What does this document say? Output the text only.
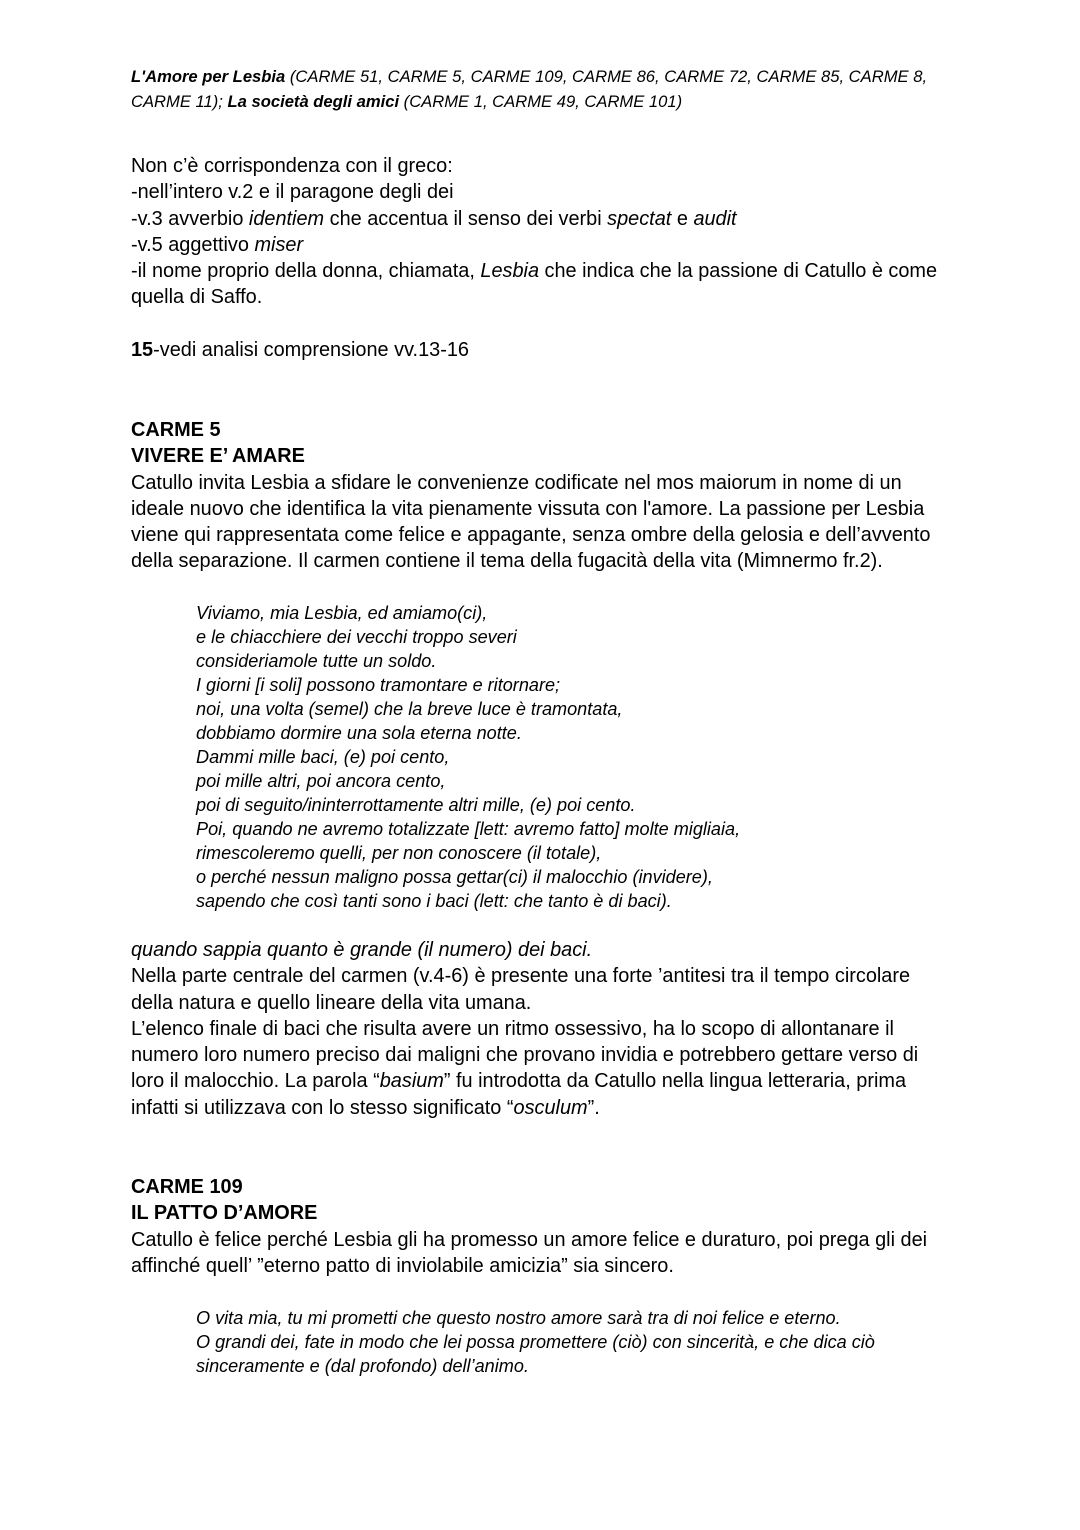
L'Amore per Lesbia (CARME 51, CARME 5, CARME 109, CARME 86, CARME 72, CARME 85, CARME 8,
CARME 11); La società degli amici (CARME 1, CARME 49, CARME 101)
Non c’è corrispondenza con il greco:
-nell’intero v.2 e il paragone degli dei
-v.3 avverbio identiem che accentua il senso dei verbi spectat e audit
-v.5 aggettivo miser
-il nome proprio della donna, chiamata, Lesbia che indica che la passione di Catullo è come
quella di Saffo.
15-vedi analisi comprensione vv.13-16
CARME 5
VIVERE E’ AMARE
Catullo invita Lesbia a sfidare le convenienze codificate nel mos maiorum in nome di un
ideale nuovo che identifica la vita pienamente vissuta con l'amore. La passione per Lesbia
viene qui rappresentata come felice e appagante, senza ombre della gelosia e dell’avvento
della separazione. Il carmen contiene il tema della fugacità della vita (Mimnermo fr.2).
Viviamo, mia Lesbia, ed amiamo(ci),
e le chiacchiere dei vecchi troppo severi
consideriamole tutte un soldo.
I giorni [i soli] possono tramontare e ritornare;
noi, una volta (semel) che la breve luce è tramontata,
dobbiamo dormire una sola eterna notte.
Dammi mille baci, (e) poi cento,
poi mille altri, poi ancora cento,
poi di seguito/ininterrottamente altri mille, (e) poi cento.
Poi, quando ne avremo totalizzate [lett: avremo fatto] molte migliaia,
rimescoleremo quelli, per non conoscere (il totale),
o perché nessun maligno possa gettar(ci) il malocchio (invidere),
sapendo che così tanti sono i baci (lett: che tanto è di baci).
quando sappia quanto è grande (il numero) dei baci.
Nella parte centrale del carmen (v.4-6) è presente una forte ’antitesi tra il tempo circolare
della natura e quello lineare della vita umana.
L’elenco finale di baci che risulta avere un ritmo ossessivo, ha lo scopo di allontanare il
numero loro numero preciso dai maligni che provano invidia e potrebbero gettare verso di
loro il malocchio. La parola “basium” fu introdotta da Catullo nella lingua letteraria, prima
infatti si utilizzava con lo stesso significato “osculum”.
CARME 109
IL PATTO D’AMORE
Catullo è felice perché Lesbia gli ha promesso un amore felice e duraturo, poi prega gli dei
affinché quell’ ”eterno patto di inviolabile amicizia” sia sincero.
O vita mia, tu mi prometti che questo nostro amore sarà tra di noi felice e eterno.
O grandi dei, fate in modo che lei possa promettere (ciò) con sincerità, e che dica ciò
sinceramente e (dal profondo) dell’animo.
